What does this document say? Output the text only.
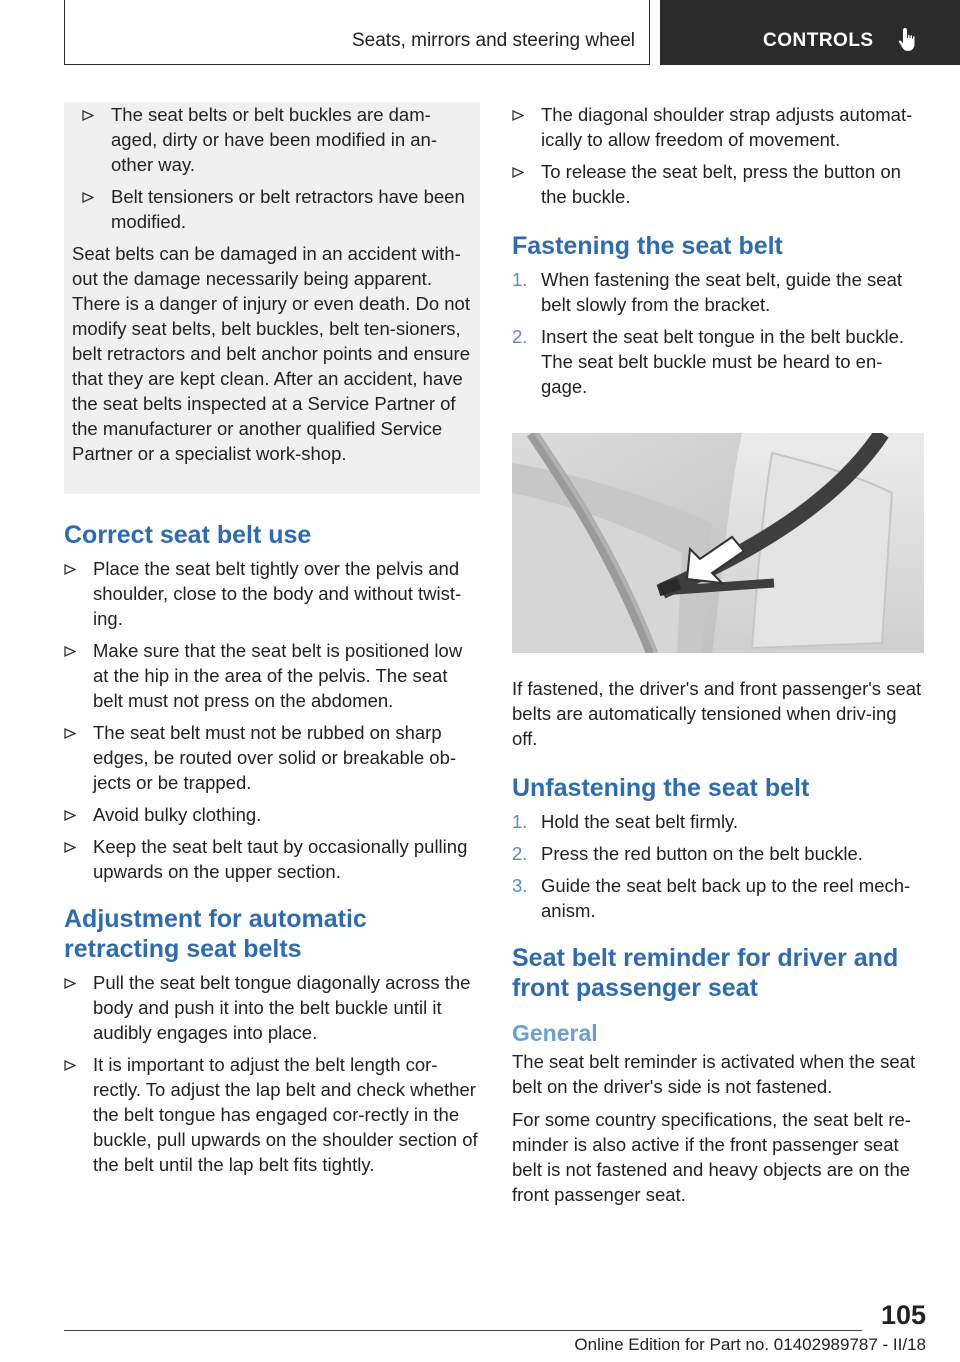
Seats, mirrors and steering wheel	CONTROLS
The seat belts or belt buckles are dam-aged, dirty or have been modified in an-other way.
Belt tensioners or belt retractors have been modified.

Seat belts can be damaged in an accident with-out the damage necessarily being apparent. There is a danger of injury or even death. Do not modify seat belts, belt buckles, belt ten-sioners, belt retractors and belt anchor points and ensure that they are kept clean. After an accident, have the seat belts inspected at a Service Partner of the manufacturer or another qualified Service Partner or a specialist work-shop.

Correct seat belt use
Place the seat belt tightly over the pelvis and shoulder, close to the body and without twist-ing.
Make sure that the seat belt is positioned low at the hip in the area of the pelvis. The seat belt must not press on the abdomen.
The seat belt must not be rubbed on sharp edges, be routed over solid or breakable ob-jects or be trapped.
Avoid bulky clothing.
Keep the seat belt taut by occasionally pulling upwards on the upper section.
Adjustment for automatic retracting seat belts
Pull the seat belt tongue diagonally across the body and push it into the belt buckle until it audibly engages into place.
It is important to adjust the belt length cor-rectly. To adjust the lap belt and check whether the belt tongue has engaged cor-rectly in the buckle, pull upwards on the shoulder section of the belt until the lap belt fits tightly.
The diagonal shoulder strap adjusts automat-ically to allow freedom of movement.
To release the seat belt, press the button on the buckle.
Fastening the seat belt
1. When fastening the seat belt, guide the seat belt slowly from the bracket.
2. Insert the seat belt tongue in the belt buckle. The seat belt buckle must be heard to en-gage.

If fastened, the driver's and front passenger's seat belts are automatically tensioned when driv-ing off.

Unfastening the seat belt
1. Hold the seat belt firmly.
2. Press the red button on the belt buckle.
3. Guide the seat belt back up to the reel mech-anism.
Seat belt reminder for driver and front passenger seat
General

The seat belt reminder is activated when the seat belt on the driver's side is not fastened.

For some country specifications, the seat belt re-minder is also active if the front passenger seat belt is not fastened and heavy objects are on the front passenger seat.

105
Online Edition for Part no. 01402989787 - II/18
